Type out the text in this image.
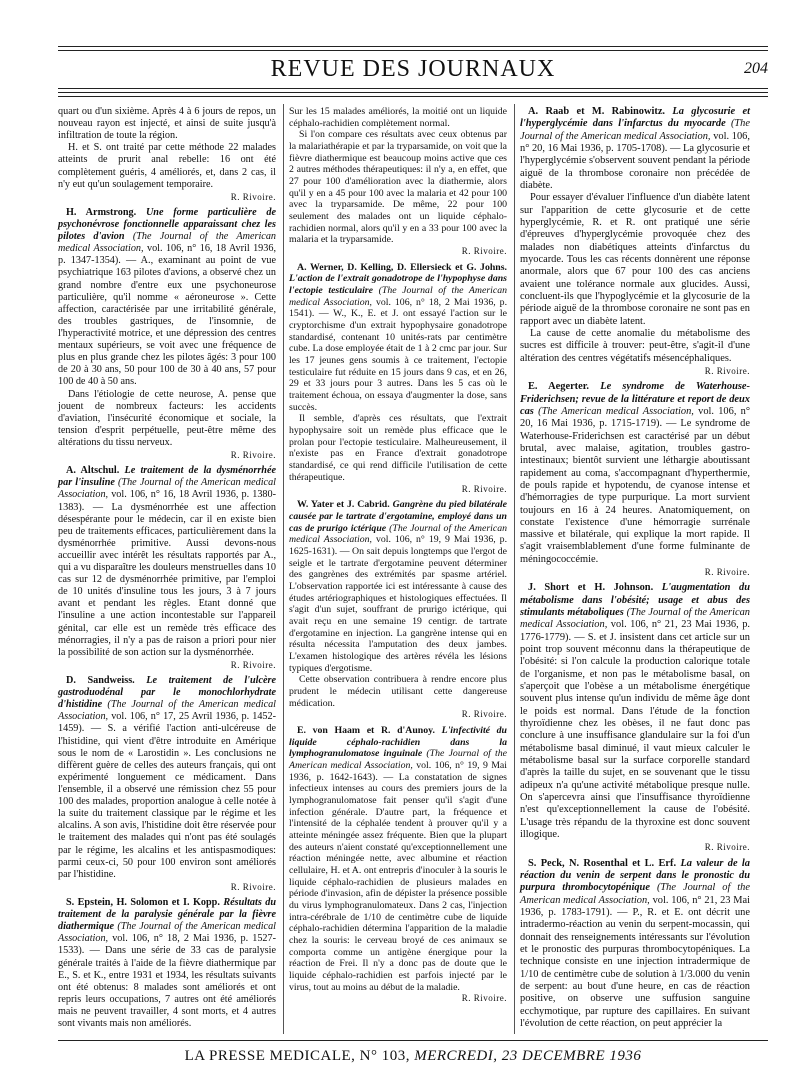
REVUE DES JOURNAUX	204

quart ou d'un sixième. Après 4 à 6 jours de repos, un nouveau rayon est injecté, et ainsi de suite jusqu'à infiltration de toute la région.

H. et S. ont traité par cette méthode 22 malades atteints de prurit anal rebelle: 16 ont été complètement guéris, 4 améliorés, et, dans 2 cas, il n'y eut qu'un soulagement temporaire.

R. Rivoire.

H. Armstrong. Une forme particulière de psychonévrose fonctionnelle apparaissant chez les pilotes d'avion (The Journal of the American medical Association, vol. 106, n° 16, 18 Avril 1936, p. 1347-1354). — A., examinant au point de vue psychiatrique 163 pilotes d'avions, a observé chez un grand nombre d'entre eux une psychoneurose particulière, qu'il nomme « aéroneurose ». Cette affection, caractérisée par une irritabilité générale, des troubles gastriques, de l'insomnie, de l'hyperactivité motrice, et une dépression des centres mentaux supérieurs, se voit avec une fréquence de plus en plus grande chez les pilotes âgés: 3 pour 100 de 20 à 30 ans, 50 pour 100 de 30 à 40 ans, 57 pour 100 de 40 à 50 ans.

Dans l'étiologie de cette neurose, A. pense que jouent de nombreux facteurs: les accidents d'aviation, l'insécurité économique et sociale, la tension d'esprit perpétuelle, peut-être même des altérations du tissu nerveux.

R. Rivoire.

A. Altschul. Le traitement de la dysménorrhée par l'insuline (The Journal of the American medical Association, vol. 106, n° 16, 18 Avril 1936, p. 1380-1383). — La dysménorrhée est une affection désespérante pour le médecin, car il en existe bien peu de traitements efficaces, particulièrement dans la dysménorrhée primitive. Aussi devons-nous accueillir avec intérêt les résultats rapportés par A., qui a vu disparaître les douleurs menstruelles dans 10 cas sur 12 de dysménorrhée primitive, par l'emploi de 10 unités d'insuline tous les jours, 3 à 7 jours avant et pendant les règles. Etant donné que l'insuline a une action incontestable sur l'appareil génital, car elle est un remède très efficace des ménorragies, il n'y a pas de raison a priori pour nier la possibilité de son action sur la dysménorrhée.

R. Rivoire.

D. Sandweiss. Le traitement de l'ulcère gastroduodénal par le monochlorhydrate d'histidine (The Journal of the American medical Association, vol. 106, n° 17, 25 Avril 1936, p. 1452-1459). — S. a vérifié l'action anti-ulcéreuse de l'histidine, qui vient d'être introduite en Amérique sous le nom de « Larostidin ». Les conclusions ne diffèrent guère de celles des auteurs français, qui ont expérimenté longuement ce médicament. Dans l'ensemble, il a observé une rémission chez 55 pour 100 des malades, proportion analogue à celle notée à la suite du traitement classique par le régime et les alcalins. A son avis, l'histidine doit être réservée pour le traitement des malades qui n'ont pas été soulagés par le régime, les alcalins et les antispasmodiques: parmi ceux-ci, 50 pour 100 environ sont améliorés par l'histidine.

R. Rivoire.

S. Epstein, H. Solomon et I. Kopp. Résultats du traitement de la paralysie générale par la fièvre diathermique (The Journal of the American medical Association, vol. 106, n° 18, 2 Mai 1936, p. 1527-1533). — Dans une série de 33 cas de paralysie générale traités à l'aide de la fièvre diathermique par E., S. et K., entre 1931 et 1934, les résultats suivants ont été obtenus: 8 malades sont améliorés et ont repris leurs occupations, 7 autres ont été améliorés mais ne peuvent travailler, 4 sont morts, et 4 autres sont vivants mais non améliorés.

Sur les 15 malades améliorés, la moitié ont un liquide céphalo-rachidien complètement normal.

Si l'on compare ces résultats avec ceux obtenus par la malariathérapie et par la tryparsamide, on voit que la fièvre diathermique est beaucoup moins active que ces 2 autres méthodes thérapeutiques: il n'y a, en effet, que 27 pour 100 d'amélioration avec la diathermie, alors qu'il y en a 45 pour 100 avec la malaria et 42 pour 100 avec la tryparsamide. De même, 22 pour 100 seulement des malades ont un liquide céphalo-rachidien normal, alors qu'il y en a 33 pour 100 avec la malaria et la tryparsamide.

R. Rivoire.

A. Werner, D. Kelling, D. Ellersieck et G. Johns. L'action de l'extrait gonadotrope de l'hypophyse dans l'ectopie testiculaire (The Journal of the American medical Association, vol. 106, n° 18, 2 Mai 1936, p. 1541). — W., K., E. et J. ont essayé l'action sur le cryptorchisme d'un extrait hypophysaire gonadotrope standardisé, contenant 10 unités-rats par centimètre cube. La dose employée était de 1 à 2 cmc par jour. Sur les 17 jeunes gens soumis à ce traitement, l'ectopie testiculaire fut réduite en 15 jours dans 9 cas, et en 26, 29 et 33 jours pour 3 autres. Dans les 5 cas où le traitement échoua, on essaya d'augmenter la dose, sans succès.

Il semble, d'après ces résultats, que l'extrait hypophysaire soit un remède plus efficace que le prolan pour l'ectopie testiculaire. Malheureusement, il n'existe pas en France d'extrait gonadotrope standardisé, ce qui rend difficile l'utilisation de cette thérapeutique.

R. Rivoire.

W. Yater et J. Cabrid. Gangrène du pied bilatérale causée par le tartrate d'ergotamine, employé dans un cas de prurigo ictérique (The Journal of the American medical Association, vol. 106, n° 19, 9 Mai 1936, p. 1625-1631). — On sait depuis longtemps que l'ergot de seigle et le tartrate d'ergotamine peuvent déterminer des gangrènes des extrémités par spasme artériel. L'observation rapportée ici est intéressante à cause des études artériographiques et histologiques effectuées. Il s'agit d'un sujet, souffrant de prurigo ictérique, qui avait reçu en une semaine 19 centigr. de tartrate d'ergotamine en injection. La gangrène intense qui en résulta nécessita l'amputation des deux jambes. L'examen histologique des artères révéla les lésions typiques d'ergotisme.

Cette observation contribuera à rendre encore plus prudent le médecin utilisant cette dangereuse médication.

R. Rivoire.

E. von Haam et R. d'Aunoy. L'infectivité du liquide céphalo-rachidien dans la lymphogranulomatose inguinale (The Journal of the American medical Association, vol. 106, n° 19, 9 Mai 1936, p. 1642-1643). — La constatation de signes infectieux intenses au cours des premiers jours de la lymphogranulomatose fait penser qu'il s'agit d'une infection générale. D'autre part, la fréquence et l'intensité de la céphalée tendent à prouver qu'il y a atteinte méningée assez fréquente. Bien que la plupart des auteurs n'aient constaté qu'exceptionnellement une réaction méningée nette, avec albumine et réaction cellulaire, H. et A. ont entrepris d'inoculer à la souris le liquide céphalo-rachidien de plusieurs malades en période d'invasion, afin de dépister la présence possible du virus lymphogranulomateux. Dans 2 cas, l'injection intra-cérébrale de 1/10 de centimètre cube de liquide céphalo-rachidien détermina l'apparition de la maladie chez la souris: le cerveau broyé de ces animaux se comporta comme un antigène énergique pour la réaction de Frei. Il n'y a donc pas de doute que le liquide céphalo-rachidien est parfois injecté par le virus, tout au moins au début de la maladie.

R. Rivoire.

A. Raab et M. Rabinowitz. La glycosurie et l'hyperglycémie dans l'infarctus du myocarde (The Journal of the American medical Association, vol. 106, n° 20, 16 Mai 1936, p. 1705-1708). — La glycosurie et l'hyperglycémie s'observent souvent pendant la période aiguë de la thrombose coronaire non précédée de diabète.

Pour essayer d'évaluer l'influence d'un diabète latent sur l'apparition de cette glycosurie et de cette hyperglycémie, R. et R. ont pratiqué une série d'épreuves d'hyperglycémie provoquée chez des malades non diabétiques atteints d'infarctus du myocarde. Tous les cas récents donnèrent une réponse anormale, alors que 67 pour 100 des cas anciens avaient une tolérance normale aux glucides. Aussi, concluent-ils que l'hypoglycémie et la glycosurie de la période aiguë de la thrombose coronaire ne sont pas en rapport avec un diabète latent.

La cause de cette anomalie du métabolisme des sucres est difficile à trouver: peut-être, s'agit-il d'une altération des centres végétatifs mésencéphaliques.

R. Rivoire.

E. Aegerter. Le syndrome de Waterhouse-Friderichsen; revue de la littérature et report de deux cas (The American medical Association, vol. 106, n° 20, 16 Mai 1936, p. 1715-1719). — Le syndrome de Waterhouse-Friderichsen est caractérisé par un début brutal, avec malaise, agitation, troubles gastro-intestinaux; bientôt survient une léthargie aboutissant rapidement au coma, s'accompagnant d'hyperthermie, de pouls rapide et hypotendu, de cyanose intense et d'hémorragies de type purpurique. La mort survient toujours en 16 à 24 heures. Anatomiquement, on constate l'existence d'une hémorragie surrénale massive et bilatérale, qui explique la mort rapide. Il s'agit vraisemblablement d'une forme fulminante de méningococcémie.

R. Rivoire.

J. Short et H. Johnson. L'augmentation du métabolisme dans l'obésité; usage et abus des stimulants métaboliques (The Journal of the American medical Association, vol. 106, n° 21, 23 Mai 1936, p. 1776-1779). — S. et J. insistent dans cet article sur un point trop souvent méconnu dans la thérapeutique de l'obésité: si l'on calcule la production calorique totale de l'organisme, et non pas le métabolisme basal, on s'aperçoit que l'obèse a un métabolisme énergétique souvent plus intense qu'un individu de même âge dont le poids est normal. Dans l'étude de la fonction thyroïdienne chez les obèses, il ne faut donc pas conclure à une insuffisance glandulaire sur la foi d'un métabolisme basal diminué, il vaut mieux calculer le métabolisme basal sur la surface corporelle standard d'après la taille du sujet, en se souvenant que le tissu adipeux n'a qu'une activité métabolique presque nulle. On s'apercevra ainsi que l'insuffisance thyroïdienne n'est qu'exceptionnellement la cause de l'obésité. L'usage très répandu de la thyroxine est donc souvent illogique.

R. Rivoire.

S. Peck, N. Rosenthal et L. Erf. La valeur de la réaction du venin de serpent dans le pronostic du purpura thrombocytopénique (The Journal of the American medical Association, vol. 106, n° 21, 23 Mai 1936, p. 1783-1791). — P., R. et E. ont décrit une intradermo-réaction au venin du serpent-mocassin, qui donnait des renseignements intéressants sur l'évolution et le pronostic des purpuras thrombocytopéniques. La technique consiste en une injection intradermique de 1/10 de centimètre cube de solution à 1/3.000 du venin de serpent: au bout d'une heure, en cas de réaction positive, on observe une suffusion sanguine ecchymotique, par rupture des capillaires. En suivant l'évolution de cette réaction, on peut apprécier la

LA PRESSE MEDICALE, N° 103, MERCREDI, 23 DECEMBRE 1936
